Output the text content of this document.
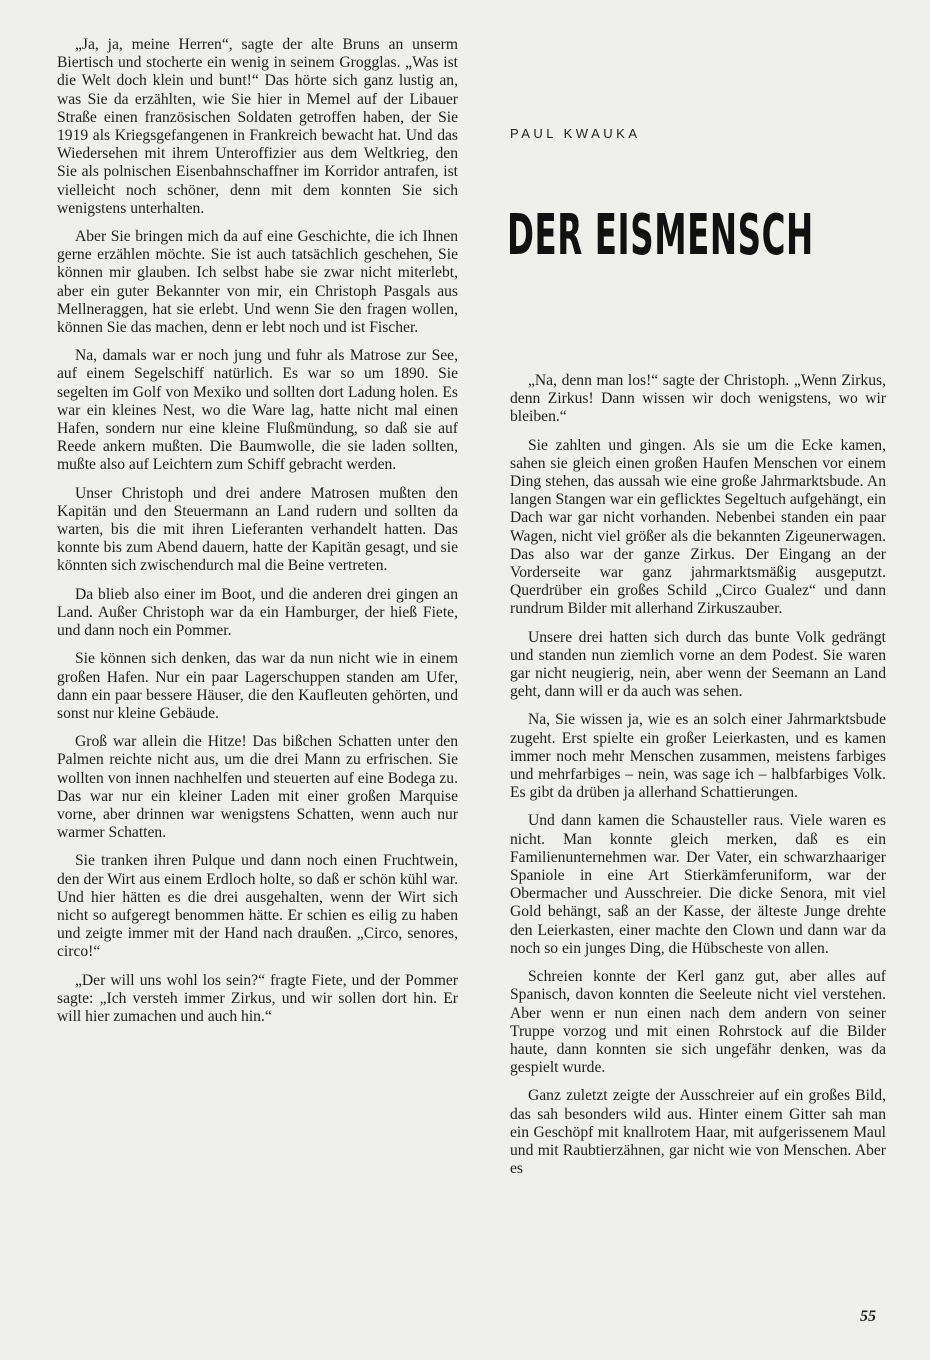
„Ja, ja, meine Herren“, sagte der alte Bruns an unserm Biertisch und stocherte ein wenig in seinem Grogglas. „Was ist die Welt doch klein und bunt!“ Das hörte sich ganz lustig an, was Sie da erzählten, wie Sie hier in Memel auf der Libauer Straße einen französischen Soldaten getroffen haben, der Sie 1919 als Kriegsgefangenen in Frankreich bewacht hat. Und das Wiedersehen mit ihrem Unteroffizier aus dem Weltkrieg, den Sie als polnischen Eisenbahnschaffner im Korridor antrafen, ist vielleicht noch schöner, denn mit dem konnten Sie sich wenigstens unterhalten.

Aber Sie bringen mich da auf eine Geschichte, die ich Ihnen gerne erzählen möchte. Sie ist auch tatsächlich geschehen, Sie können mir glauben. Ich selbst habe sie zwar nicht miterlebt, aber ein guter Bekannter von mir, ein Christoph Pasgals aus Mellneraggen, hat sie erlebt. Und wenn Sie den fragen wollen, können Sie das machen, denn er lebt noch und ist Fischer.

Na, damals war er noch jung und fuhr als Matrose zur See, auf einem Segelschiff natürlich. Es war so um 1890. Sie segelten im Golf von Mexiko und sollten dort Ladung holen. Es war ein kleines Nest, wo die Ware lag, hatte nicht mal einen Hafen, sondern nur eine kleine Flußmündung, so daß sie auf Reede ankern mußten. Die Baumwolle, die sie laden sollten, mußte also auf Leichtern zum Schiff gebracht werden.

Unser Christoph und drei andere Matrosen mußten den Kapitän und den Steuermann an Land rudern und sollten da warten, bis die mit ihren Lieferanten verhandelt hatten. Das konnte bis zum Abend dauern, hatte der Kapitän gesagt, und sie könnten sich zwischendurch mal die Beine vertreten.

Da blieb also einer im Boot, und die anderen drei gingen an Land. Außer Christoph war da ein Hamburger, der hieß Fiete, und dann noch ein Pommer.

Sie können sich denken, das war da nun nicht wie in einem großen Hafen. Nur ein paar Lagerschuppen standen am Ufer, dann ein paar bessere Häuser, die den Kaufleuten gehörten, und sonst nur kleine Gebäude.

Groß war allein die Hitze! Das bißchen Schatten unter den Palmen reichte nicht aus, um die drei Mann zu erfrischen. Sie wollten von innen nachhelfen und steuerten auf eine Bodega zu. Das war nur ein kleiner Laden mit einer großen Marquise vorne, aber drinnen war wenigstens Schatten, wenn auch nur warmer Schatten.

Sie tranken ihren Pulque und dann noch einen Fruchtwein, den der Wirt aus einem Erdloch holte, so daß er schön kühl war. Und hier hätten es die drei ausgehalten, wenn der Wirt sich nicht so aufgeregt benommen hätte. Er schien es eilig zu haben und zeigte immer mit der Hand nach draußen. „Circo, senores, circo!“

„Der will uns wohl los sein?“ fragte Fiete, und der Pommer sagte: „Ich versteh immer Zirkus, und wir sollen dort hin. Er will hier zumachen und auch hin.“

PAUL KWAUKA
DER EISMENSCH

„Na, denn man los!“ sagte der Christoph. „Wenn Zirkus, denn Zirkus! Dann wissen wir doch wenigstens, wo wir bleiben.“

Sie zahlten und gingen. Als sie um die Ecke kamen, sahen sie gleich einen großen Haufen Menschen vor einem Ding stehen, das aussah wie eine große Jahrmarktsbude. An langen Stangen war ein geflicktes Segeltuch aufgehängt, ein Dach war gar nicht vorhanden. Nebenbei standen ein paar Wagen, nicht viel größer als die bekannten Zigeunerwagen. Das also war der ganze Zirkus. Der Eingang an der Vorderseite war ganz jahrmarktsmäßig ausgeputzt. Querdrüber ein großes Schild „Circo Gualez“ und dann rundrum Bilder mit allerhand Zirkuszauber.

Unsere drei hatten sich durch das bunte Volk gedrängt und standen nun ziemlich vorne an dem Podest. Sie waren gar nicht neugierig, nein, aber wenn der Seemann an Land geht, dann will er da auch was sehen.

Na, Sie wissen ja, wie es an solch einer Jahrmarktsbude zugeht. Erst spielte ein großer Leierkasten, und es kamen immer noch mehr Menschen zusammen, meistens farbiges und mehrfarbiges – nein, was sage ich – halbfarbiges Volk. Es gibt da drüben ja allerhand Schattierungen.

Und dann kamen die Schausteller raus. Viele waren es nicht. Man konnte gleich merken, daß es ein Familienunternehmen war. Der Vater, ein schwarzhaariger Spaniole in eine Art Stierkämferuniform, war der Obermacher und Ausschreier. Die dicke Senora, mit viel Gold behängt, saß an der Kasse, der älteste Junge drehte den Leierkasten, einer machte den Clown und dann war da noch so ein junges Ding, die Hübscheste von allen.

Schreien konnte der Kerl ganz gut, aber alles auf Spanisch, davon konnten die Seeleute nicht viel verstehen. Aber wenn er nun einen nach dem andern von seiner Truppe vorzog und mit einen Rohrstock auf die Bilder haute, dann konnten sie sich ungefähr denken, was da gespielt wurde.

Ganz zuletzt zeigte der Ausschreier auf ein großes Bild, das sah besonders wild aus. Hinter einem Gitter sah man ein Geschöpf mit knallrotem Haar, mit aufgerissenem Maul und mit Raubtierzähnen, gar nicht wie von Menschen. Aber es

55
